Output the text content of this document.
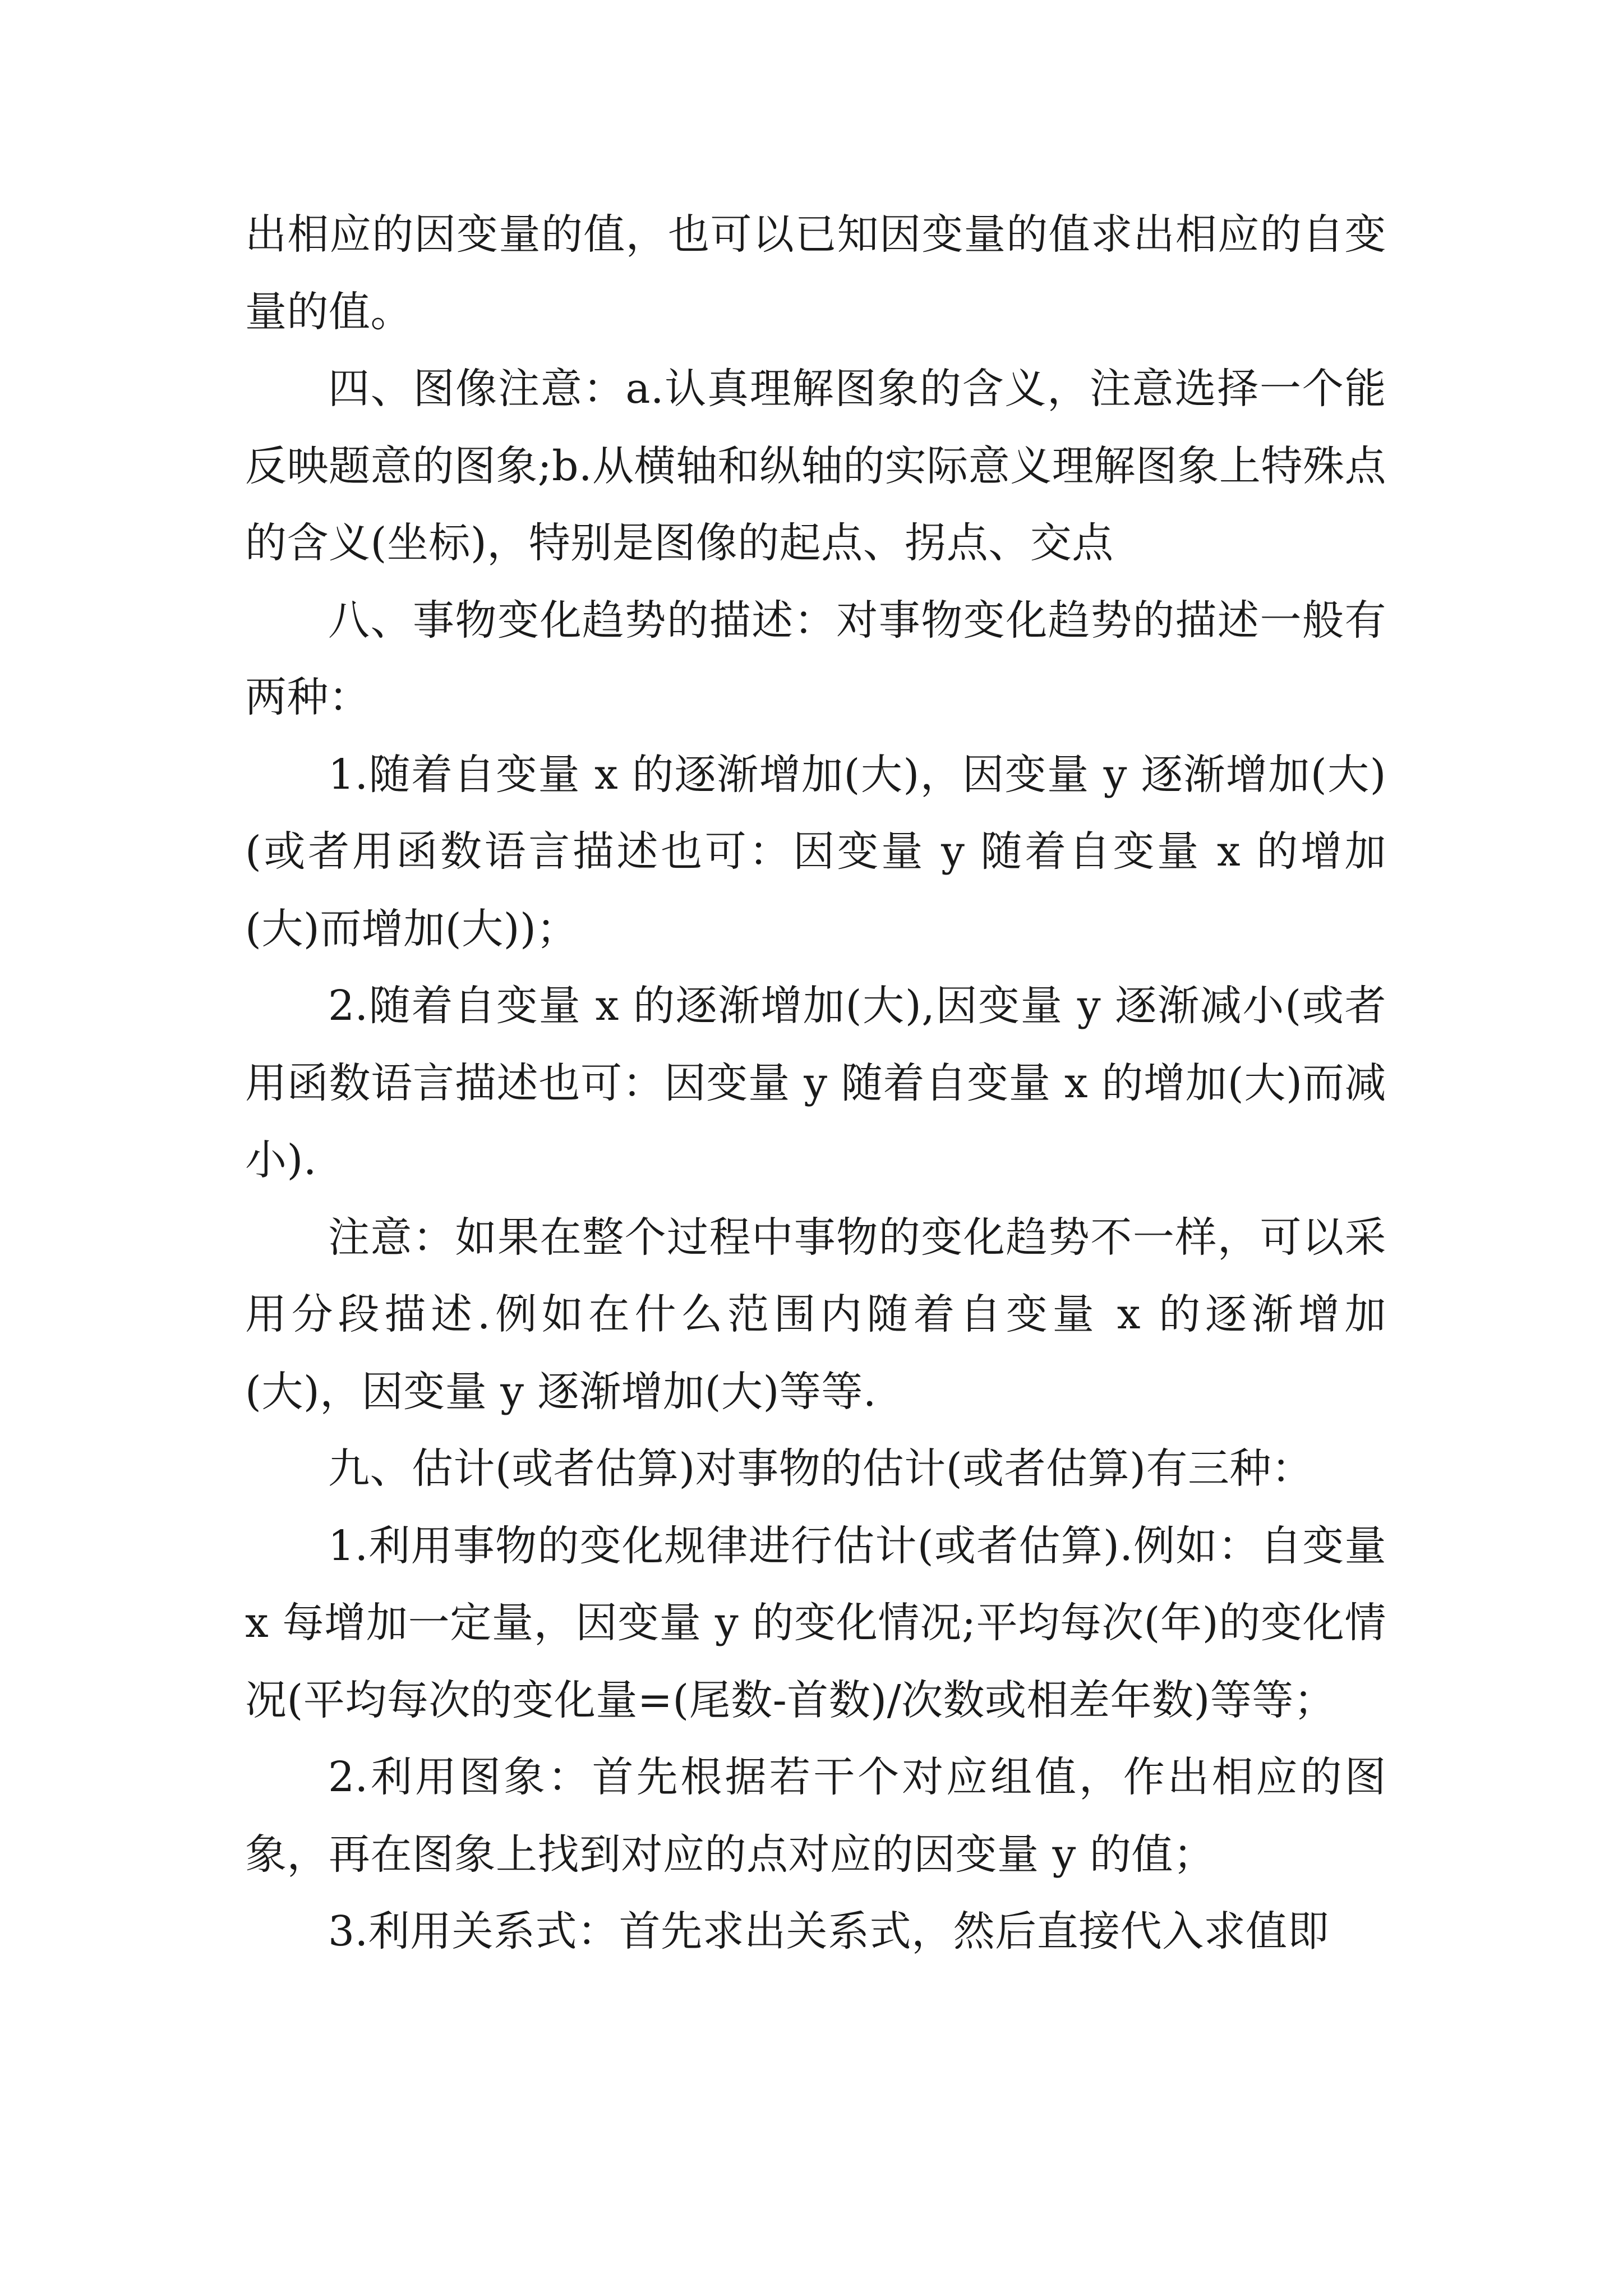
出相应的因变量的值，也可以已知因变量的值求出相应的自变量的值。

四、图像注意：a.认真理解图象的含义，注意选择一个能反映题意的图象;b.从横轴和纵轴的实际意义理解图象上特殊点的含义(坐标)，特别是图像的起点、拐点、交点

八、事物变化趋势的描述：对事物变化趋势的描述一般有两种：

1.随着自变量 x 的逐渐增加(大)，因变量 y 逐渐增加(大)(或者用函数语言描述也可：因变量 y 随着自变量 x 的增加(大)而增加(大))；

2.随着自变量 x 的逐渐增加(大),因变量 y 逐渐减小(或者用函数语言描述也可：因变量 y 随着自变量 x 的增加(大)而减小).

注意：如果在整个过程中事物的变化趋势不一样，可以采用分段描述.例如在什么范围内随着自变量 x 的逐渐增加(大)，因变量 y 逐渐增加(大)等等.

九、估计(或者估算)对事物的估计(或者估算)有三种：

1.利用事物的变化规律进行估计(或者估算).例如：自变量 x 每增加一定量，因变量 y 的变化情况;平均每次(年)的变化情况(平均每次的变化量=(尾数-首数)/次数或相差年数)等等；

2.利用图象：首先根据若干个对应组值，作出相应的图象，再在图象上找到对应的点对应的因变量 y 的值；

3.利用关系式：首先求出关系式，然后直接代入求值即
